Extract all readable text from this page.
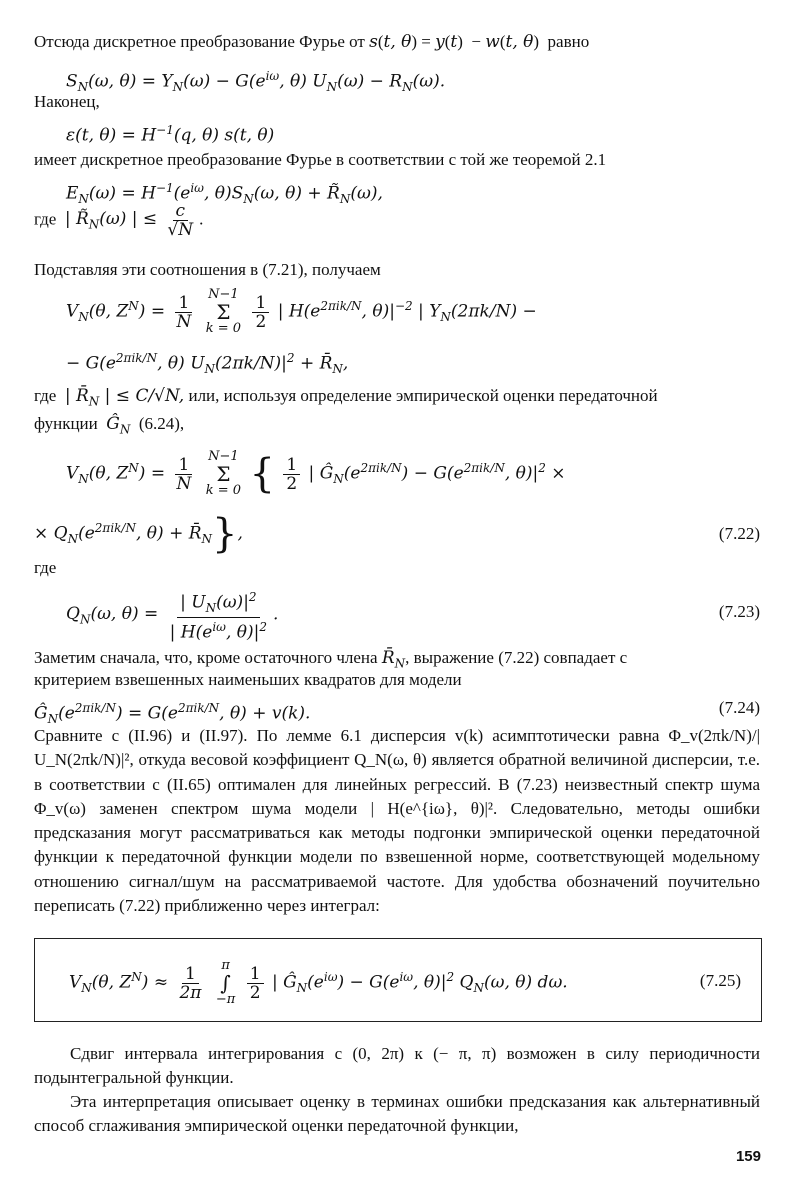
Отсюда дискретное преобразование Фурье от s(t, θ) = y(t)  − w(t, θ)  равно
$S_N(\omega$, $\theta) = Y_N(\omega) - G(e^{i\omega}$, θ) $U_N(\omega) - R_N(\omega)$.
Наконец,
ε(t, $\theta) = H^{-1}(q$, θ) s(t, θ)
имеет дискретное преобразование Фурье в соответствии с той же теоремой 2.1
$E_N(\omega) = H^{-1}(e^{i\omega}$, $\theta)S_N(\omega$, $\theta) + R̃_N(\omega)$,
где | $R̃_N(\omega)$ | ≤ $\frac{c}{√N}$ .
Подставляя эти соотношения в (7.21), получаем
$V_N(\theta$, $Z^N) = \frac{1}{N}$
N−1
Σ
k = 0
$\frac{1}{2}$ | $H(e^{2\pi ik/N}$, $\theta)|^{-2}$ | $Y_N(2\pi k/N)$ −
− $G(e^{2\pi ik/N}$, θ) $U_N(2\pi k/N)|^2$ + $R̄_N$,
где  | $R̄_N$ | ≤ C/√N, или, используя определение эмпирической оценки передаточной
функции  $Ĝ_N$  (6.24),
$V_N(\theta$, $Z^N) = \frac{1}{N}$
N−1
Σ
k = 0 { $\frac{1}{2}$ | $Ĝ_N(e^{2\pi ik/N}) - G(e^{2\pi ik/N}$, $\theta)|^2$ ×
× $Q_N(e^{2\pi ik/N}$, $\theta) + R̄_N$},	(7.22)
где
$Q_N(\omega$, θ) =
| $U_N(\omega)|^2$
| $H(e^{i\omega}$, $\theta)|^2$
.	(7.23)
Заметим сначала, что, кроме остаточного члена $R̄_N$, выражение (7.22) совпадает с
критерием взвешенных наименьших квадратов для модели
$Ĝ_N(e^{2\pi ik/N}) = G(e^{2\pi ik/N}$, θ) + v(k).	(7.24)
Сравните с (II.96) и (II.97). По лемме 6.1 дисперсия v(k) асимптотически равна Φ_v(2πk/N)/| U_N(2πk/N)|², откуда весовой коэффициент Q_N(ω, θ) является обратной величиной дисперсии, т.е. в соответствии с (II.65) оптимален для линейных регрессий. В (7.23) неизвестный спектр шума Φ_v(ω) заменен спектром шума модели | H(e^{iω}, θ)|². Следовательно, методы ошибки предсказания могут рассматриваться как методы подгонки эмпирической оценки передаточной функции к передаточной функции модели по взвешенной норме, соответствующей модельному отношению сигнал/шум на рассматриваемой частоте. Для удобства обозначений поучительно переписать (7.22) приближенно через интеграл:
$V_N(\theta$, $Z^N) \approx \frac{1}{2\pi}$
π
∫
−π
$\frac{1}{2}$ | $Ĝ_N(e^{i\omega}) - G(e^{i\omega}$, $\theta)|^2$ $Q_N(\omega$, θ) dω.	(7.25)
Сдвиг интервала интегрирования с (0, 2π) к (− π, π) возможен в силу периодичности подынтегральной функции.
Эта интерпретация описывает оценку в терминах ошибки предсказания как альтернативный способ сглаживания эмпирической оценки передаточной функции,
159
